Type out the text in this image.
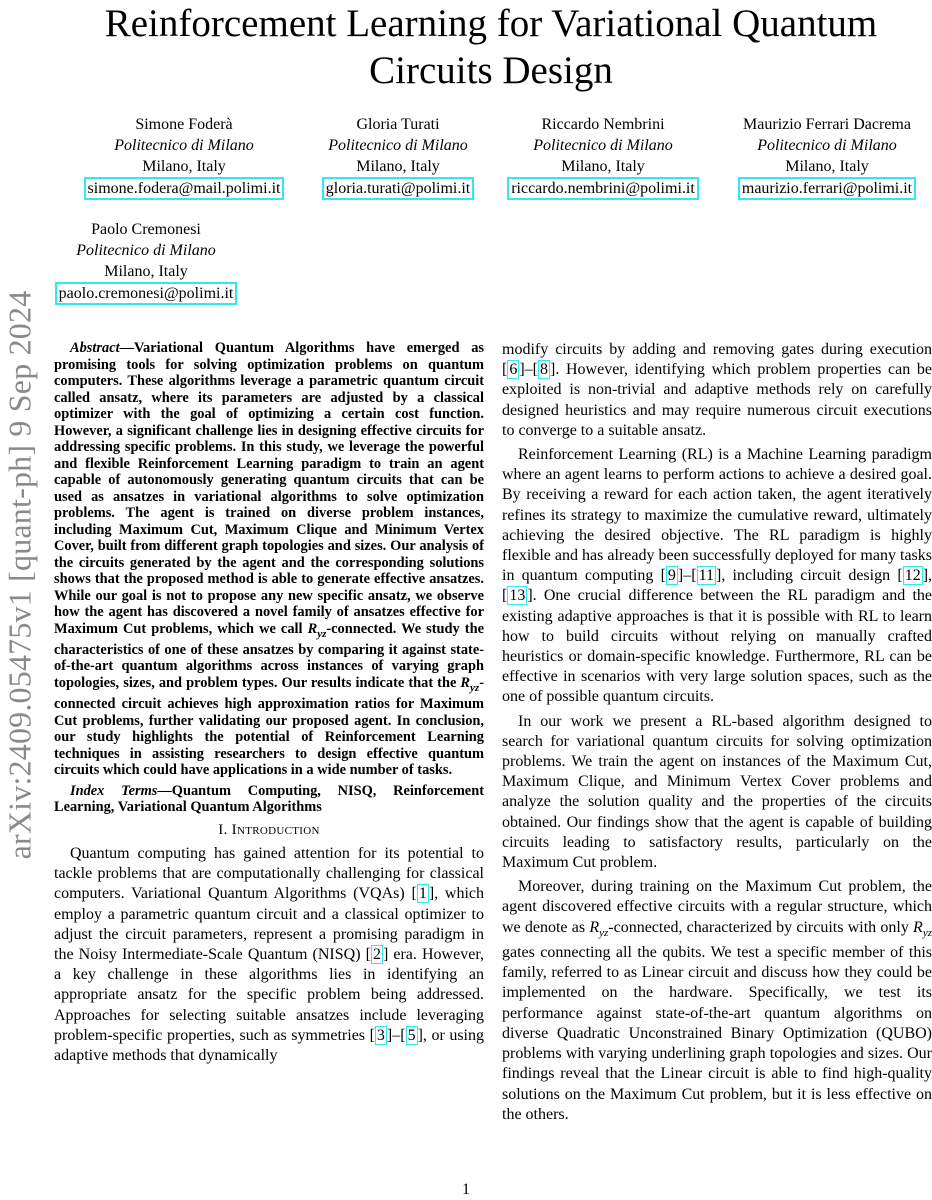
Reinforcement Learning for Variational Quantum Circuits Design
Simone Foderà
Politecnico di Milano
Milano, Italy
simone.fodera@mail.polimi.it
Gloria Turati
Politecnico di Milano
Milano, Italy
gloria.turati@polimi.it
Riccardo Nembrini
Politecnico di Milano
Milano, Italy
riccardo.nembrini@polimi.it
Maurizio Ferrari Dacrema
Politecnico di Milano
Milano, Italy
maurizio.ferrari@polimi.it
Paolo Cremonesi
Politecnico di Milano
Milano, Italy
paolo.cremonesi@polimi.it
arXiv:2409.05475v1 [quant-ph] 9 Sep 2024	Abstract—Variational Quantum Algorithms have emerged as promising tools for solving optimization problems on quantum computers. These algorithms leverage a parametric quantum circuit called ansatz, where its parameters are adjusted by a classical optimizer with the goal of optimizing a certain cost function. However, a significant challenge lies in designing effective circuits for addressing specific problems. In this study, we leverage the powerful and flexible Reinforcement Learning paradigm to train an agent capable of autonomously generating quantum circuits that can be used as ansatzes in variational algorithms to solve optimization problems. The agent is trained on diverse problem instances, including Maximum Cut, Maximum Clique and Minimum Vertex Cover, built from different graph topologies and sizes. Our analysis of the circuits generated by the agent and the corresponding solutions shows that the proposed method is able to generate effective ansatzes. While our goal is not to propose any new specific ansatz, we observe how the agent has discovered a novel family of ansatzes effective for Maximum Cut problems, which we call $R_{yz}$-connected. We study the characteristics of one of these ansatzes by comparing it against state-of-the-art quantum algorithms across instances of varying graph topologies, sizes, and problem types. Our results indicate that the $R_{yz}$-connected circuit achieves high approximation ratios for Maximum Cut problems, further validating our proposed agent. In conclusion, our study highlights the potential of Reinforcement Learning techniques in assisting researchers to design effective quantum circuits which could have applications in a wide number of tasks.

Index Terms—Quantum Computing, NISQ, Reinforcement Learning, Variational Quantum Algorithms

I. Introduction

Quantum computing has gained attention for its potential to tackle problems that are computationally challenging for classical computers. Variational Quantum Algorithms (VQAs) [ 1 ], which employ a parametric quantum circuit and a classical optimizer to adjust the circuit parameters, represent a promising paradigm in the Noisy Intermediate-Scale Quantum (NISQ) [ 2 ] era. However, a key challenge in these algorithms lies in identifying an appropriate ansatz for the specific problem being addressed. Approaches for selecting suitable ansatzes include leveraging problem-specific properties, such as symmetries [ 3 ]–[ 5 ], or using adaptive methods that dynamically

modify circuits by adding and removing gates during execution [ 6 ]–[ 8 ]. However, identifying which problem properties can be exploited is non-trivial and adaptive methods rely on carefully designed heuristics and may require numerous circuit executions to converge to a suitable ansatz.

Reinforcement Learning (RL) is a Machine Learning paradigm where an agent learns to perform actions to achieve a desired goal. By receiving a reward for each action taken, the agent iteratively refines its strategy to maximize the cumulative reward, ultimately achieving the desired objective. The RL paradigm is highly flexible and has already been successfully deployed for many tasks in quantum computing [ 9 ]–[ 11 ], including circuit design [ 12 ], [ 13 ]. One crucial difference between the RL paradigm and the existing adaptive approaches is that it is possible with RL to learn how to build circuits without relying on manually crafted heuristics or domain-specific knowledge. Furthermore, RL can be effective in scenarios with very large solution spaces, such as the one of possible quantum circuits.

In our work we present a RL-based algorithm designed to search for variational quantum circuits for solving optimization problems. We train the agent on instances of the Maximum Cut, Maximum Clique, and Minimum Vertex Cover problems and analyze the solution quality and the properties of the circuits obtained. Our findings show that the agent is capable of building circuits leading to satisfactory results, particularly on the Maximum Cut problem.

Moreover, during training on the Maximum Cut problem, the agent discovered effective circuits with a regular structure, which we denote as $R_{yz}$-connected, characterized by circuits with only $R_{yz}$ gates connecting all the qubits. We test a specific member of this family, referred to as Linear circuit and discuss how they could be implemented on the hardware. Specifically, we test its performance against state-of-the-art quantum algorithms on diverse Quadratic Unconstrained Binary Optimization (QUBO) problems with varying underlining graph topologies and sizes. Our findings reveal that the Linear circuit is able to find high-quality solutions on the Maximum Cut problem, but it is less effective on the others.

1
